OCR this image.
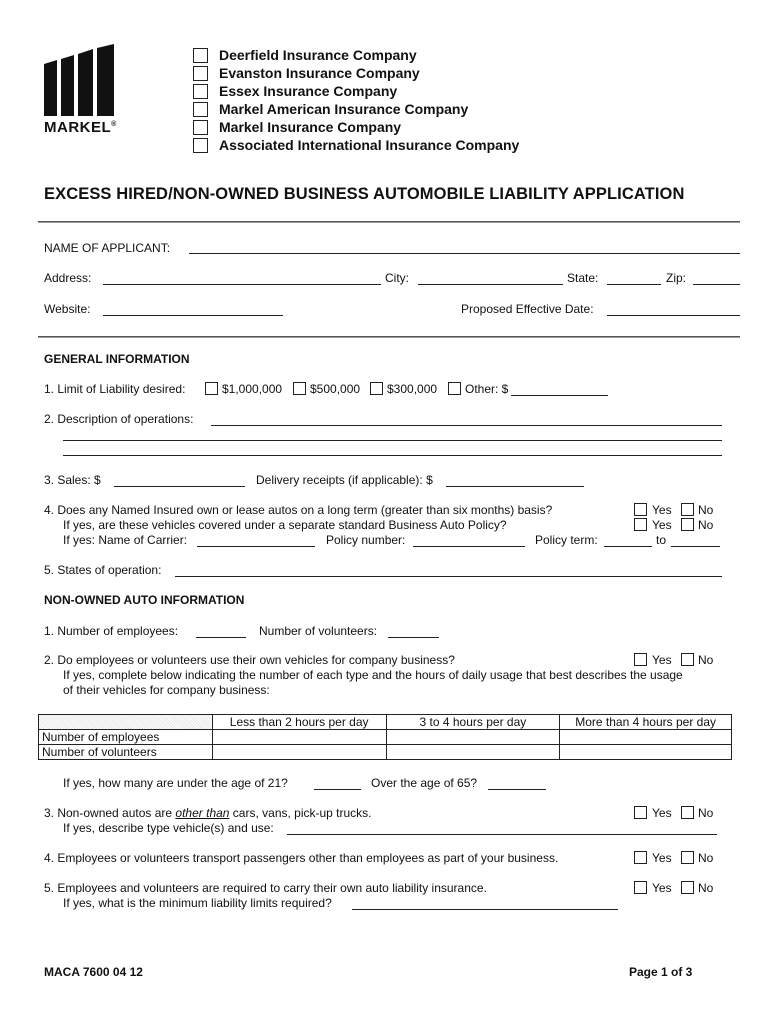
MARKEL®
Deerfield Insurance Company
Evanston Insurance Company
Essex Insurance Company
Markel American Insurance Company
Markel Insurance Company
Associated International Insurance Company
EXCESS HIRED/NON-OWNED BUSINESS AUTOMOBILE LIABILITY APPLICATION
NAME OF APPLICANT:
Address:	City:	State:	Zip:
Website:	Proposed Effective Date:
GENERAL INFORMATION
1. Limit of Liability desired:	$1,000,000 $500,000 $300,000 Other: $
2. Description of operations:
3. Sales: $	Delivery receipts (if applicable): $
4. Does any Named Insured own or lease autos on a long term (greater than six months) basis?	Yes No
If yes, are these vehicles covered under a separate standard Business Auto Policy?	Yes No
If yes: Name of Carrier:	Policy number:	Policy term:	to
5. States of operation:
NON-OWNED AUTO INFORMATION
1. Number of employees:	Number of volunteers:
2. Do employees or volunteers use their own vehicles for company business?	Yes No
If yes, complete below indicating the number of each type and the hours of daily usage that best describes the usage
of their vehicles for company business:
	Less than 2 hours per day	3 to 4 hours per day	More than 4 hours per day
Number of employees			
Number of volunteers			
If yes, how many are under the age of 21?	Over the age of 65?
3. Non-owned autos are other than cars, vans, pick-up trucks.	Yes No
If yes, describe type vehicle(s) and use:
4. Employees or volunteers transport passengers other than employees as part of your business.	Yes No
5. Employees and volunteers are required to carry their own auto liability insurance.	Yes No
If yes, what is the minimum liability limits required?
MACA 7600 04 12	Page 1 of 3
